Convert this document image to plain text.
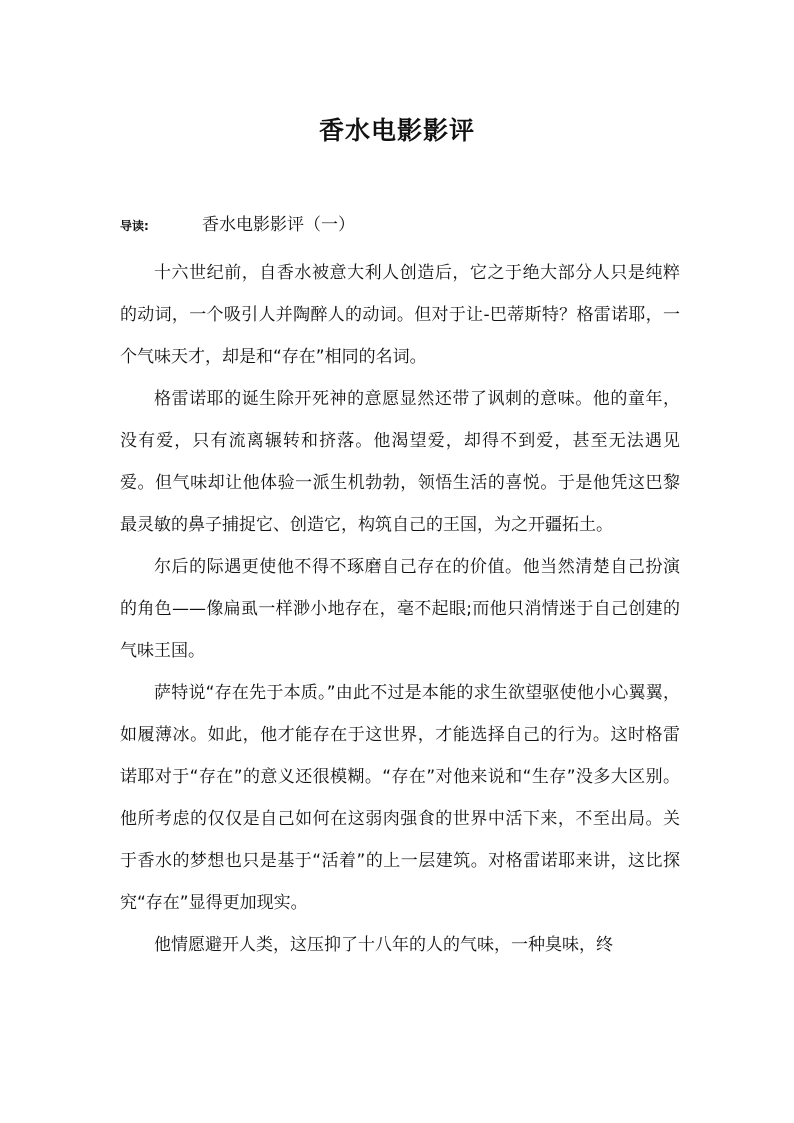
香水电影影评
导读:	香水电影影评（一）

十六世纪前，自香水被意大利人创造后，它之于绝大部分人只是纯粹的动词，一个吸引人并陶醉人的动词。但对于让-巴蒂斯特？格雷诺耶，一个气味天才，却是和“存在”相同的名词。

格雷诺耶的诞生除开死神的意愿显然还带了讽刺的意味。他的童年，没有爱，只有流离辗转和挤落。他渴望爱，却得不到爱，甚至无法遇见爱。但气味却让他体验一派生机勃勃，领悟生活的喜悦。于是他凭这巴黎最灵敏的鼻子捕捉它、创造它，构筑自己的王国，为之开疆拓土。

尔后的际遇更使他不得不琢磨自己存在的价值。他当然清楚自己扮演的角色——像扁虱一样渺小地存在，毫不起眼;而他只消情迷于自己创建的气味王国。

萨特说“存在先于本质。”由此不过是本能的求生欲望驱使他小心翼翼，如履薄冰。如此，他才能存在于这世界，才能选择自己的行为。这时格雷诺耶对于“存在”的意义还很模糊。“存在”对他来说和“生存”没多大区别。他所考虑的仅仅是自己如何在这弱肉强食的世界中活下来，不至出局。关于香水的梦想也只是基于“活着”的上一层建筑。对格雷诺耶来讲，这比探究“存在”显得更加现实。

他情愿避开人类，这压抑了十八年的人的气味，一种臭味，终
